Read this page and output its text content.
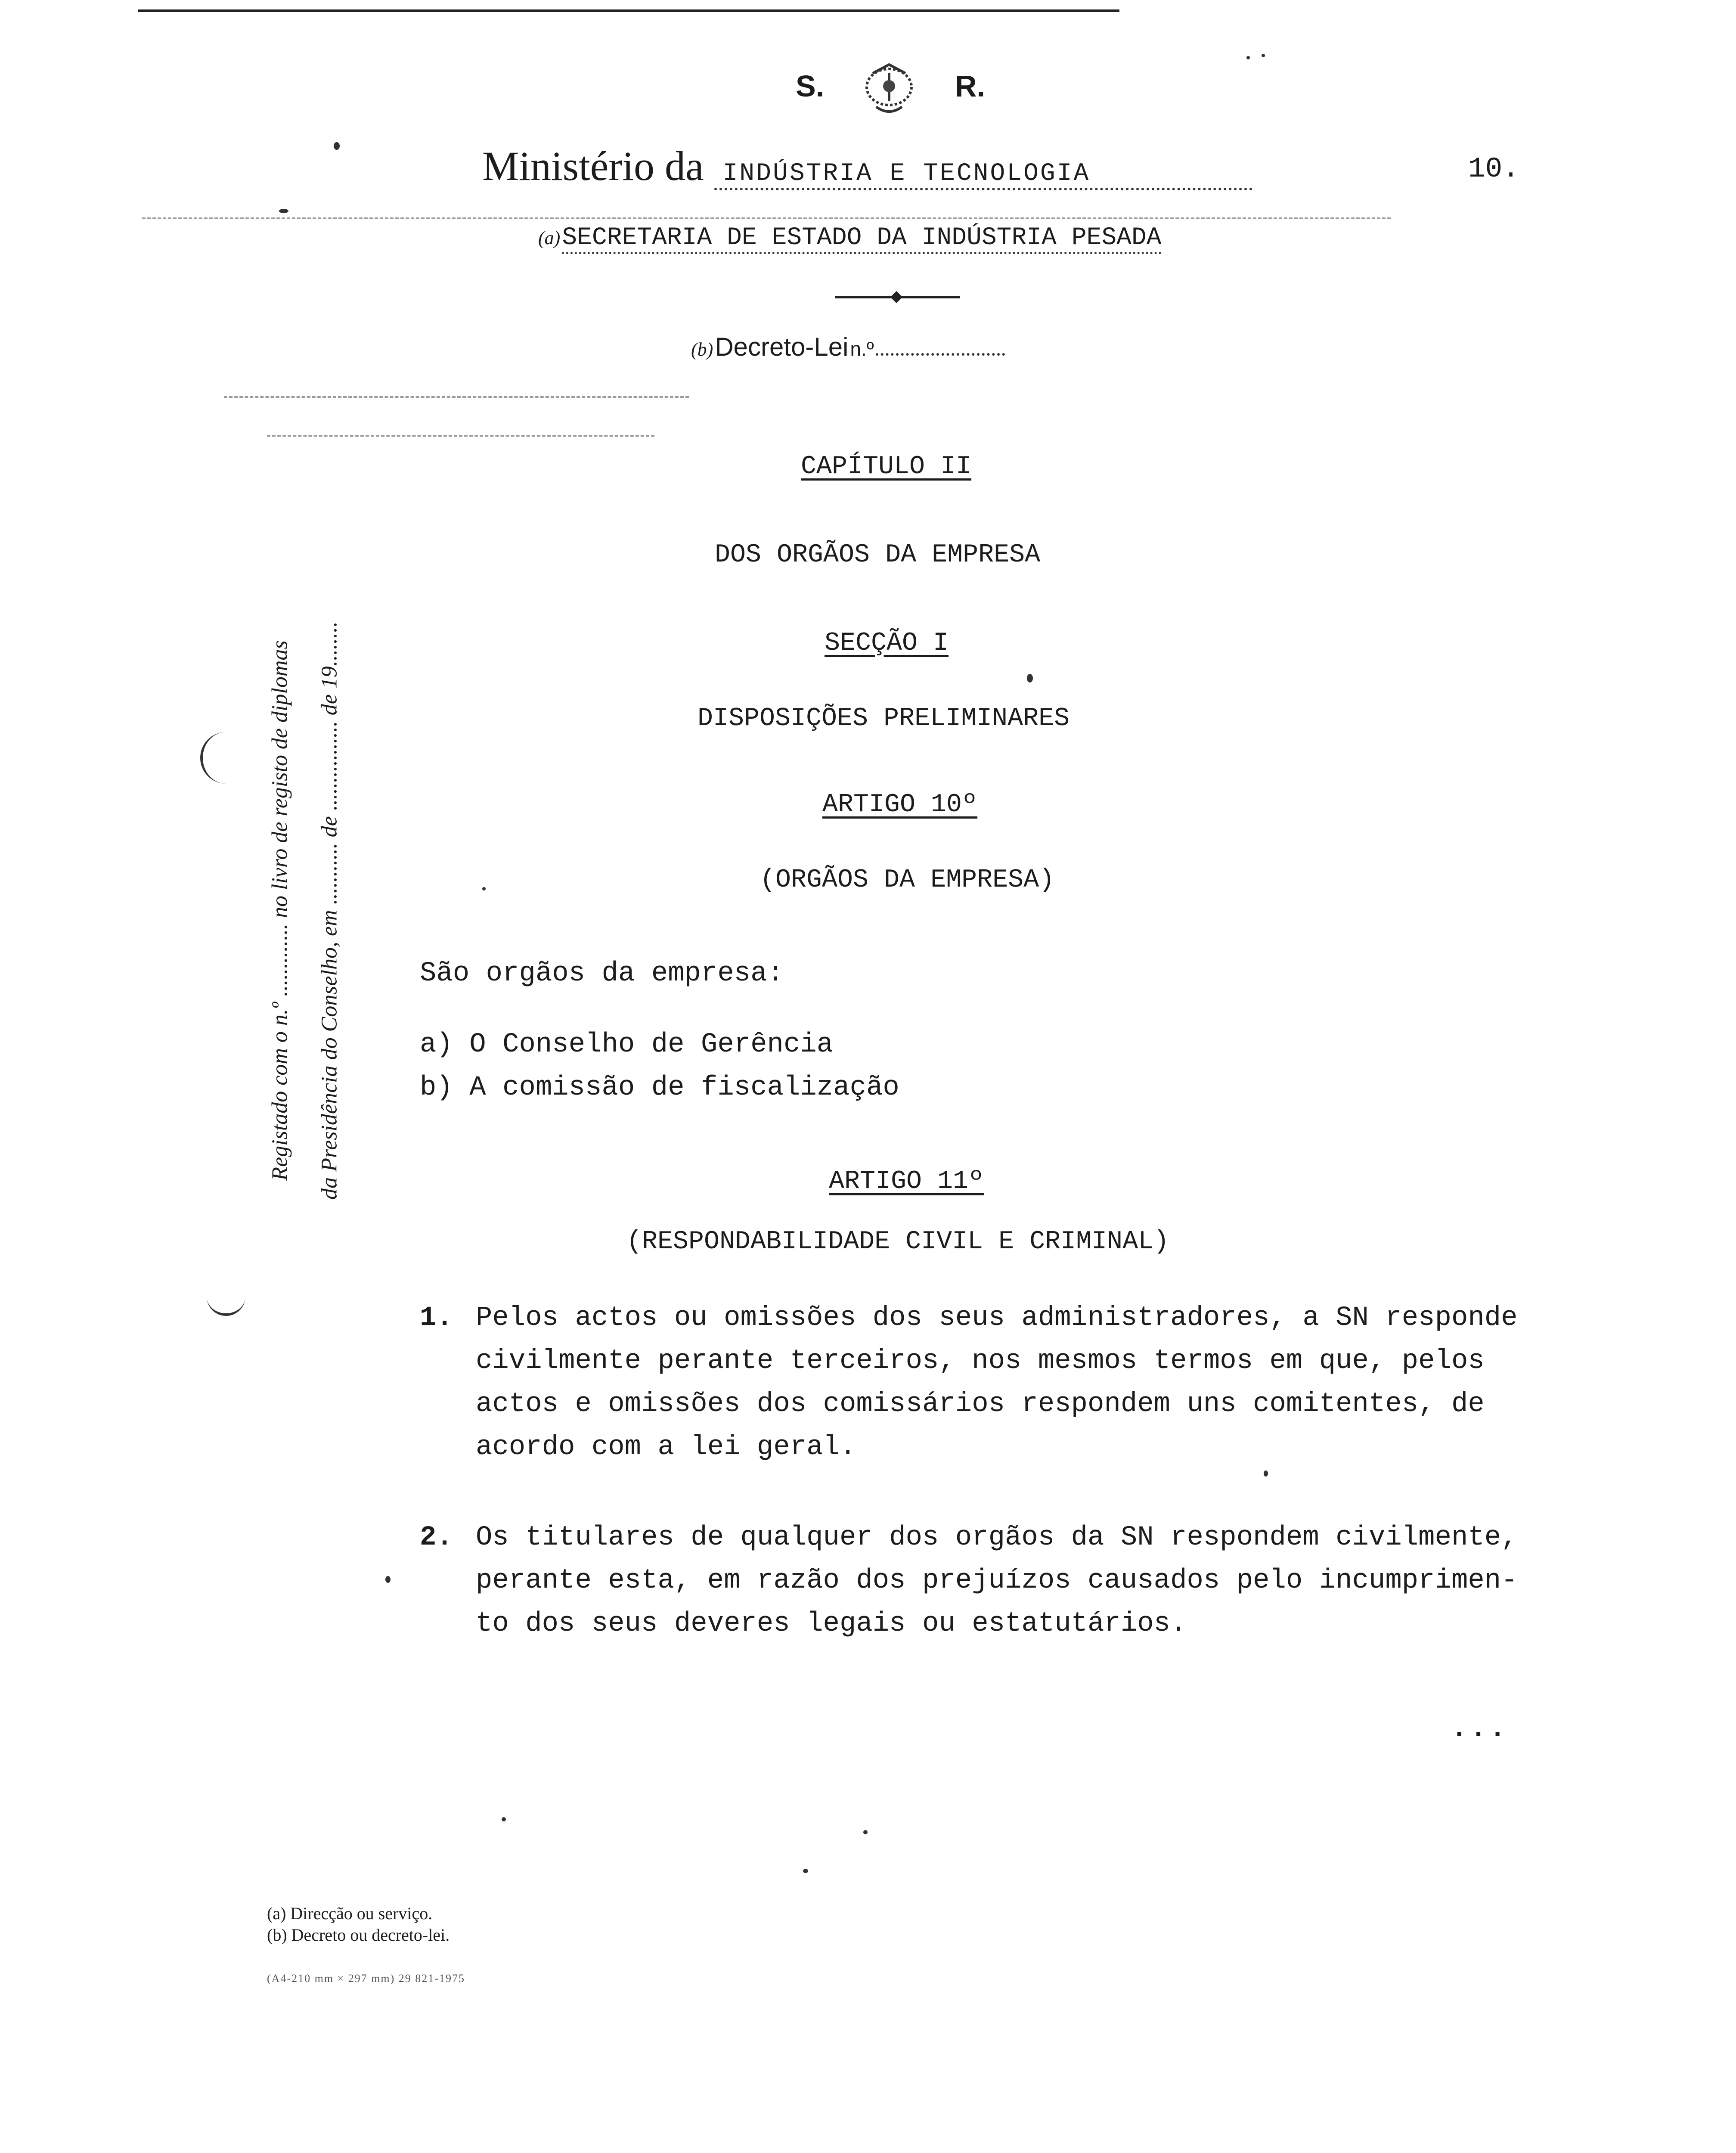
S.	R.
Ministério da INDÚSTRIA E TECNOLOGIA	10.
(a) SECRETARIA DE ESTADO DA INDÚSTRIA PESADA
(b) Decreto-Lei n.º
Registado com o n.º ............. no livro de registo de diplomas da Presidência do Conselho, em ........... de ................ de 19........
CAPÍTULO II
DOS ORGÃOS DA EMPRESA
SECÇÃO I
DISPOSIÇÕES PRELIMINARES
ARTIGO 10º
(ORGÃOS DA EMPRESA)
São orgãos da empresa:
a) O Conselho de Gerência
b) A comissão de fiscalização
ARTIGO 11º
(RESPONDABILIDADE CIVIL E CRIMINAL)
1. Pelos actos ou omissões dos seus administradores, a SN responde
civilmente perante terceiros, nos mesmos termos em que, pelos
actos e omissões dos comissários respondem uns comitentes, de
acordo com a lei geral.
2. Os titulares de qualquer dos orgãos da SN respondem civilmente,
perante esta, em razão dos prejuízos causados pelo incumprimen-
to dos seus deveres legais ou estatutários.
...
(a) Direcção ou serviço.
(b) Decreto ou decreto-lei.
(A4-210 mm × 297 mm) 29 821-1975
